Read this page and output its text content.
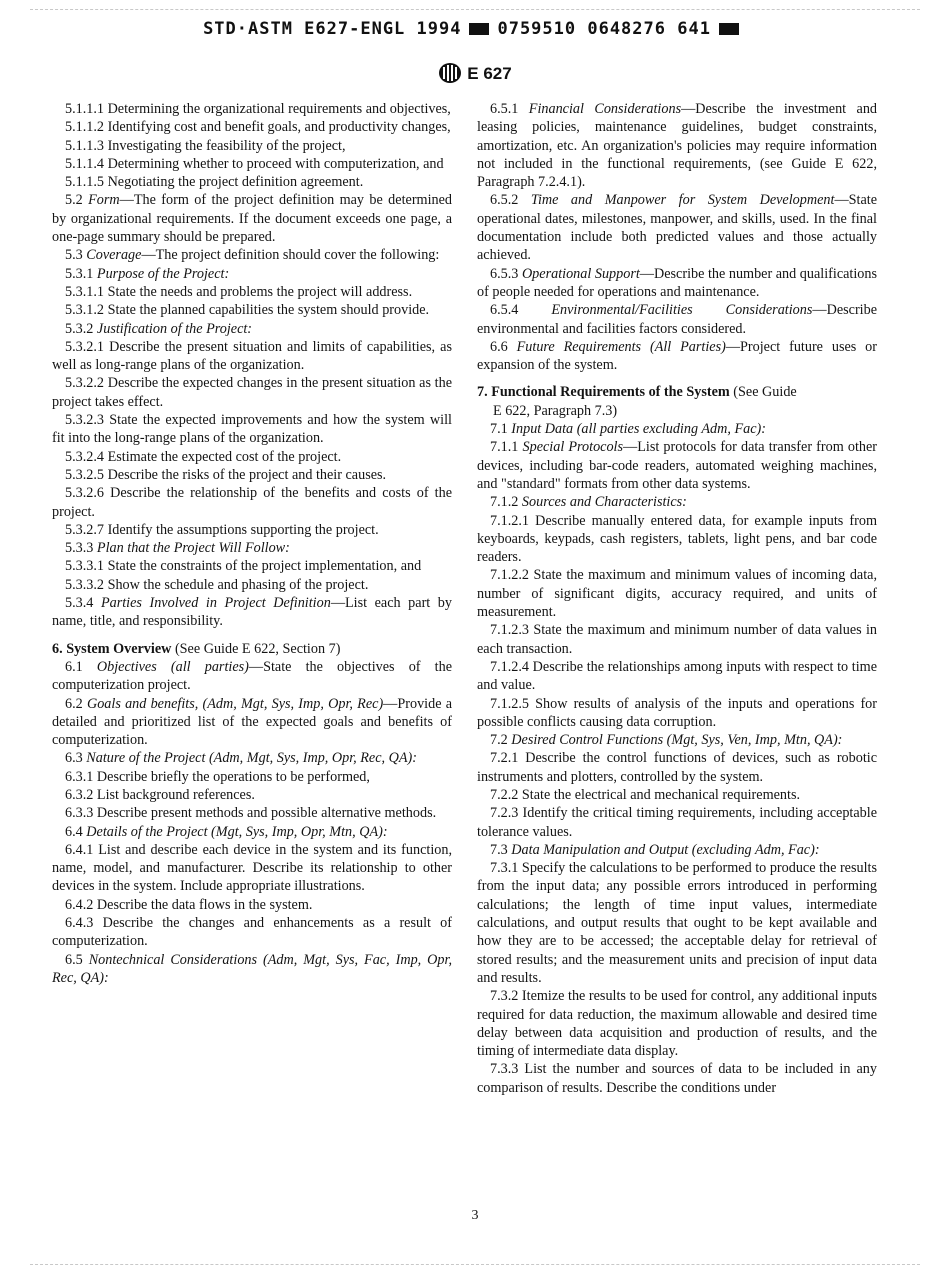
STD·ASTM E627-ENGL 1994 0759510 0648276 641
E 627

5.1.1.1 Determining the organizational requirements and objectives,

5.1.1.2 Identifying cost and benefit goals, and productivity changes,

5.1.1.3 Investigating the feasibility of the project,

5.1.1.4 Determining whether to proceed with computerization, and

5.1.1.5 Negotiating the project definition agreement.

5.2 Form—The form of the project definition may be determined by organizational requirements. If the document exceeds one page, a one-page summary should be prepared.

5.3 Coverage—The project definition should cover the following:

5.3.1 Purpose of the Project:

5.3.1.1 State the needs and problems the project will address.

5.3.1.2 State the planned capabilities the system should provide.

5.3.2 Justification of the Project:

5.3.2.1 Describe the present situation and limits of capabilities, as well as long-range plans of the organization.

5.3.2.2 Describe the expected changes in the present situation as the project takes effect.

5.3.2.3 State the expected improvements and how the system will fit into the long-range plans of the organization.

5.3.2.4 Estimate the expected cost of the project.

5.3.2.5 Describe the risks of the project and their causes.

5.3.2.6 Describe the relationship of the benefits and costs of the project.

5.3.2.7 Identify the assumptions supporting the project.

5.3.3 Plan that the Project Will Follow:

5.3.3.1 State the constraints of the project implementation, and

5.3.3.2 Show the schedule and phasing of the project.

5.3.4 Parties Involved in Project Definition—List each part by name, title, and responsibility.

6. System Overview (See Guide E 622, Section 7)

6.1 Objectives (all parties)—State the objectives of the computerization project.

6.2 Goals and benefits, (Adm, Mgt, Sys, Imp, Opr, Rec)—Provide a detailed and prioritized list of the expected goals and benefits of computerization.

6.3 Nature of the Project (Adm, Mgt, Sys, Imp, Opr, Rec, QA):

6.3.1 Describe briefly the operations to be performed,

6.3.2 List background references.

6.3.3 Describe present methods and possible alternative methods.

6.4 Details of the Project (Mgt, Sys, Imp, Opr, Mtn, QA):

6.4.1 List and describe each device in the system and its function, name, model, and manufacturer. Describe its relationship to other devices in the system. Include appropriate illustrations.

6.4.2 Describe the data flows in the system.

6.4.3 Describe the changes and enhancements as a result of computerization.

6.5 Nontechnical Considerations (Adm, Mgt, Sys, Fac, Imp, Opr, Rec, QA):

6.5.1 Financial Considerations—Describe the investment and leasing policies, maintenance guidelines, budget constraints, amortization, etc. An organization's policies may require information not included in the functional requirements, (see Guide E 622, Paragraph 7.2.4.1).

6.5.2 Time and Manpower for System Development—State operational dates, milestones, manpower, and skills, used. In the final documentation include both predicted values and those actually achieved.

6.5.3 Operational Support—Describe the number and qualifications of people needed for operations and maintenance.

6.5.4 Environmental/Facilities Considerations—Describe environmental and facilities factors considered.

6.6 Future Requirements (All Parties)—Project future uses or expansion of the system.

7. Functional Requirements of the System (See Guide

E 622, Paragraph 7.3)

7.1 Input Data (all parties excluding Adm, Fac):

7.1.1 Special Protocols—List protocols for data transfer from other devices, including bar-code readers, automated weighing machines, and "standard" formats from other data systems.

7.1.2 Sources and Characteristics:

7.1.2.1 Describe manually entered data, for example inputs from keyboards, keypads, cash registers, tablets, light pens, and bar code readers.

7.1.2.2 State the maximum and minimum values of incoming data, number of significant digits, accuracy required, and units of measurement.

7.1.2.3 State the maximum and minimum number of data values in each transaction.

7.1.2.4 Describe the relationships among inputs with respect to time and value.

7.1.2.5 Show results of analysis of the inputs and operations for possible conflicts causing data corruption.

7.2 Desired Control Functions (Mgt, Sys, Ven, Imp, Mtn, QA):

7.2.1 Describe the control functions of devices, such as robotic instruments and plotters, controlled by the system.

7.2.2 State the electrical and mechanical requirements.

7.2.3 Identify the critical timing requirements, including acceptable tolerance values.

7.3 Data Manipulation and Output (excluding Adm, Fac):

7.3.1 Specify the calculations to be performed to produce the results from the input data; any possible errors introduced in performing calculations; the length of time input values, intermediate calculations, and output results that ought to be kept available and how they are to be accessed; the acceptable delay for retrieval of stored results; and the measurement units and precision of input data and results.

7.3.2 Itemize the results to be used for control, any additional inputs required for data reduction, the maximum allowable and desired time delay between data acquisition and production of results, and the timing of intermediate data display.

7.3.3 List the number and sources of data to be included in any comparison of results. Describe the conditions under

3
